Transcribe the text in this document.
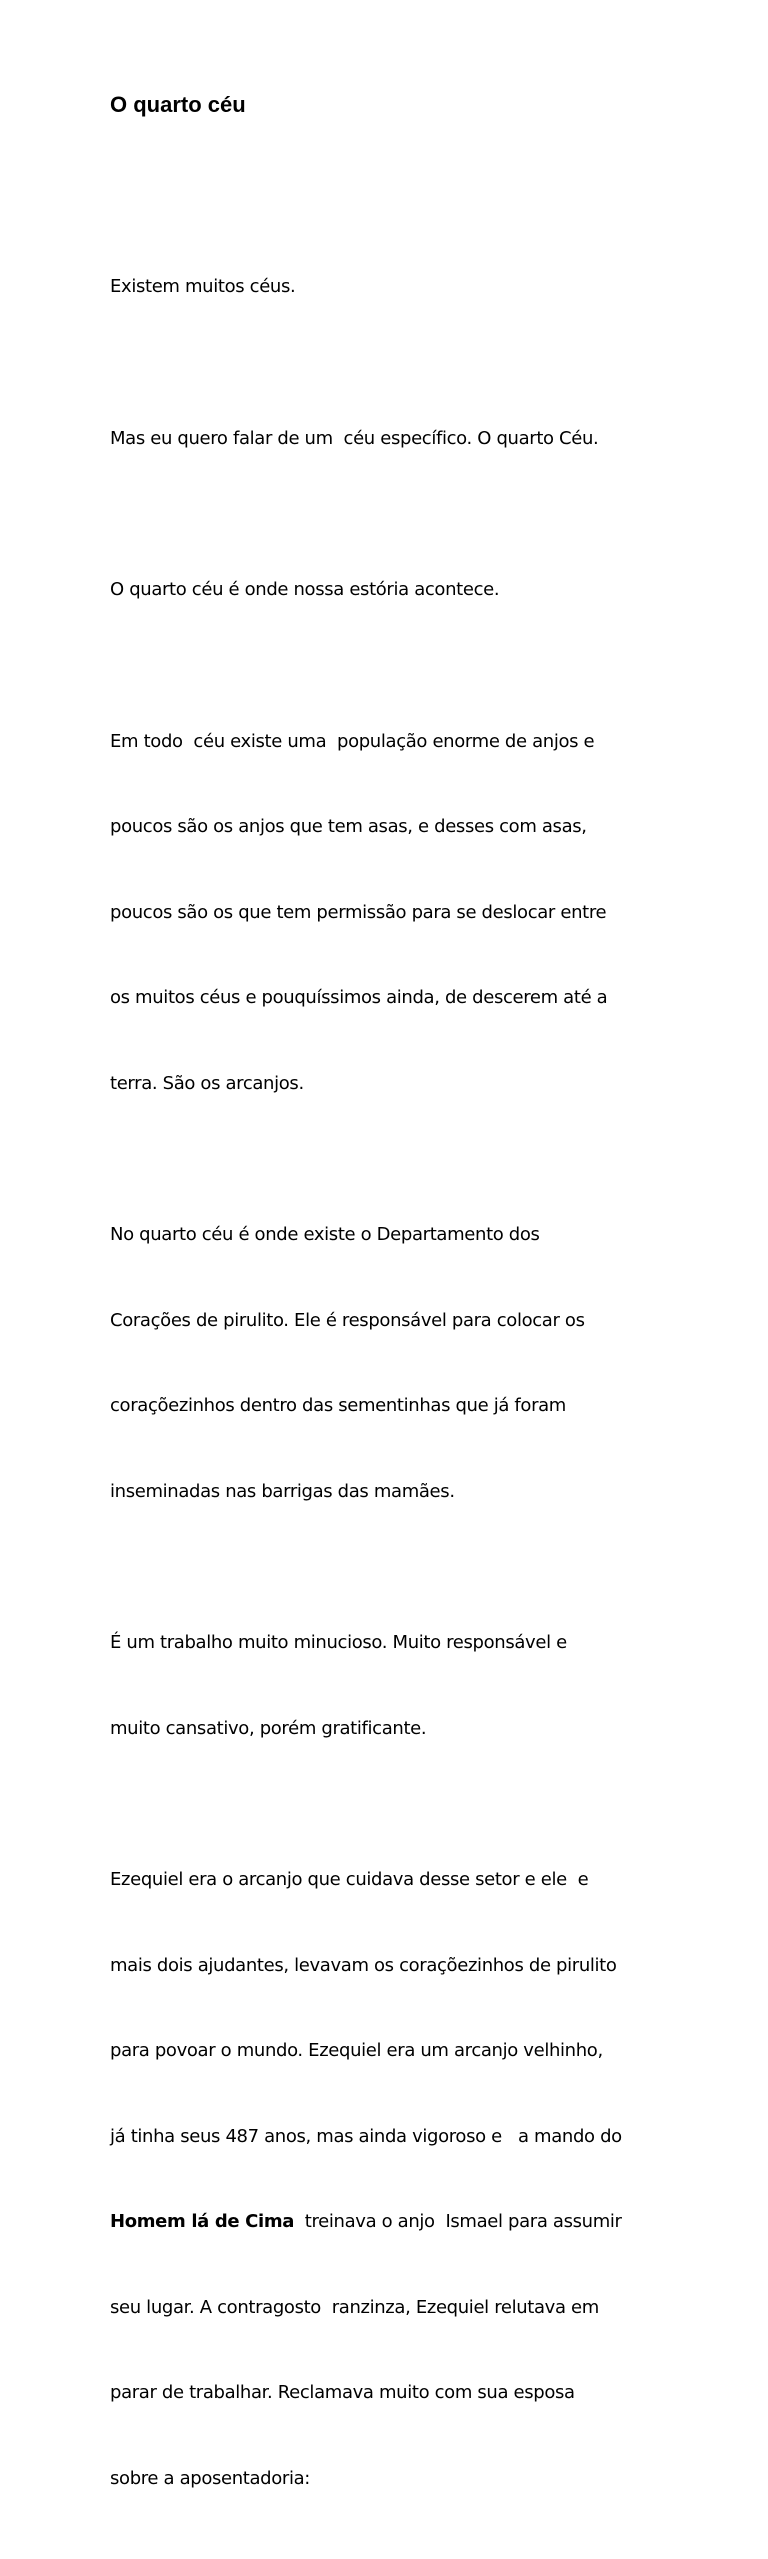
O quarto céu

Existem muitos céus.

Mas eu quero falar de um  céu específico. O quarto Céu.

O quarto céu é onde nossa estória acontece.

Em todo  céu existe uma  população enorme de anjos e

poucos são os anjos que tem asas, e desses com asas,

poucos são os que tem permissão para se deslocar entre

os muitos céus e pouquíssimos ainda, de descerem até a

terra. São os arcanjos.

No quarto céu é onde existe o Departamento dos

Corações de pirulito. Ele é responsável para colocar os

coraçõezinhos dentro das sementinhas que já foram

inseminadas nas barrigas das mamães.

É um trabalho muito minucioso. Muito responsável e

muito cansativo, porém gratificante.

Ezequiel era o arcanjo que cuidava desse setor e ele  e

mais dois ajudantes, levavam os coraçõezinhos de pirulito

para povoar o mundo. Ezequiel era um arcanjo velhinho,

já tinha seus 487 anos, mas ainda vigoroso e   a mando do

Homem lá de Cima  treinava o anjo  Ismael para assumir

seu lugar. A contragosto  ranzinza, Ezequiel relutava em

parar de trabalhar. Reclamava muito com sua esposa

sobre a aposentadoria:
